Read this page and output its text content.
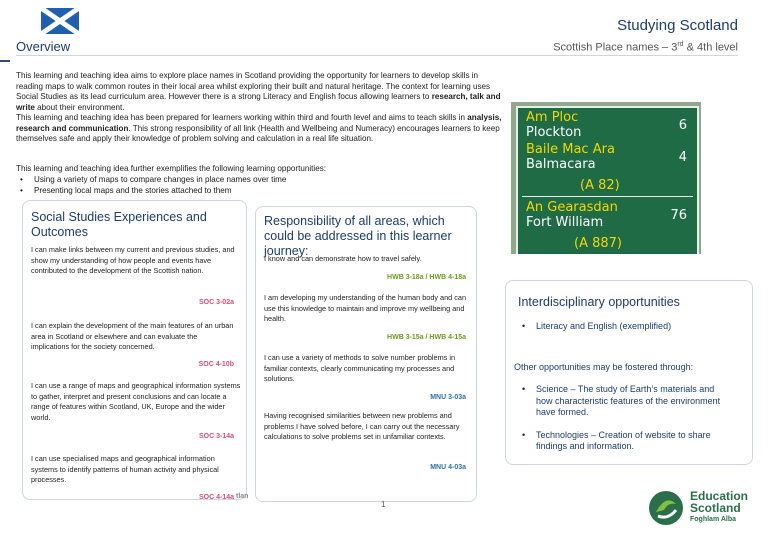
Studying Scotland
Overview	Scottish Place names – 3rd & 4th level
This learning and teaching idea aims to explore place names in Scotland providing the opportunity for learners to develop skills in reading maps to walk common routes in their local area whilst exploring their built and natural heritage. The context for learning uses Social Studies as its lead curriculum area. However there is a strong Literacy and English focus allowing learners to research, talk and write about their environment.
This learning and teaching idea has been prepared for learners working within third and fourth level and aims to teach skills in analysis, research and communication. This strong responsibility of all link (Health and Wellbeing and Numeracy) encourages learners to keep themselves safe and apply their knowledge of problem solving and calculation in a real life situation.
This learning and teaching idea further exemplifies the following learning opportunities:
• Using a variety of maps to compare changes in place names over time
• Presenting local maps and the stories attached to them
Social Studies Experiences and Outcomes
I can make links between my current and previous studies, and show my understanding of how people and events have contributed to the development of the Scottish nation.
SOC 3-02a
I can explain the development of the main features of an urban area in Scotland or elsewhere and can evaluate the implications for the society concerned.
SOC 4-10b
I can use a range of maps and geographical information systems to gather, interpret and present conclusions and can locate a range of features within Scotland, UK, Europe and the wider world.
SOC 3-14a
I can use specialised maps and geographical information systems to identify patterns of human activity and physical processes.
SOC 4-14a
Responsibility of all areas, which could be addressed in this learner journey:
I know and can demonstrate how to travel safely.
HWB 3-18a / HWB 4-18a
I am developing my understanding of the human body and can use this knowledge to maintain and improve my wellbeing and health.
HWB 3-15a / HWB 4-15a
I can use a variety of methods to solve number problems in familiar contexts, clearly communicating my processes and solutions.
MNU 3-03a
Having recognised similarities between new problems and problems I have solved before, I can carry out the necessary calculations to solve problems set in unfamiliar contexts.
MNU 4-03a
Am Ploc
Plockton	6
Baile Mac Ara
Balmacara	4
(A 82)
An Gearasdan
Fort William	76
(A 887)
Interdisciplinary opportunities
• Literacy and English (exemplified)
Other opportunities may be fostered through:
• Science – The study of Earth’s materials and how characteristic features of the environment have formed.
• Technologies – Creation of website to share findings and information.
tlan
1
Education
Scotland
Foghlam Alba
